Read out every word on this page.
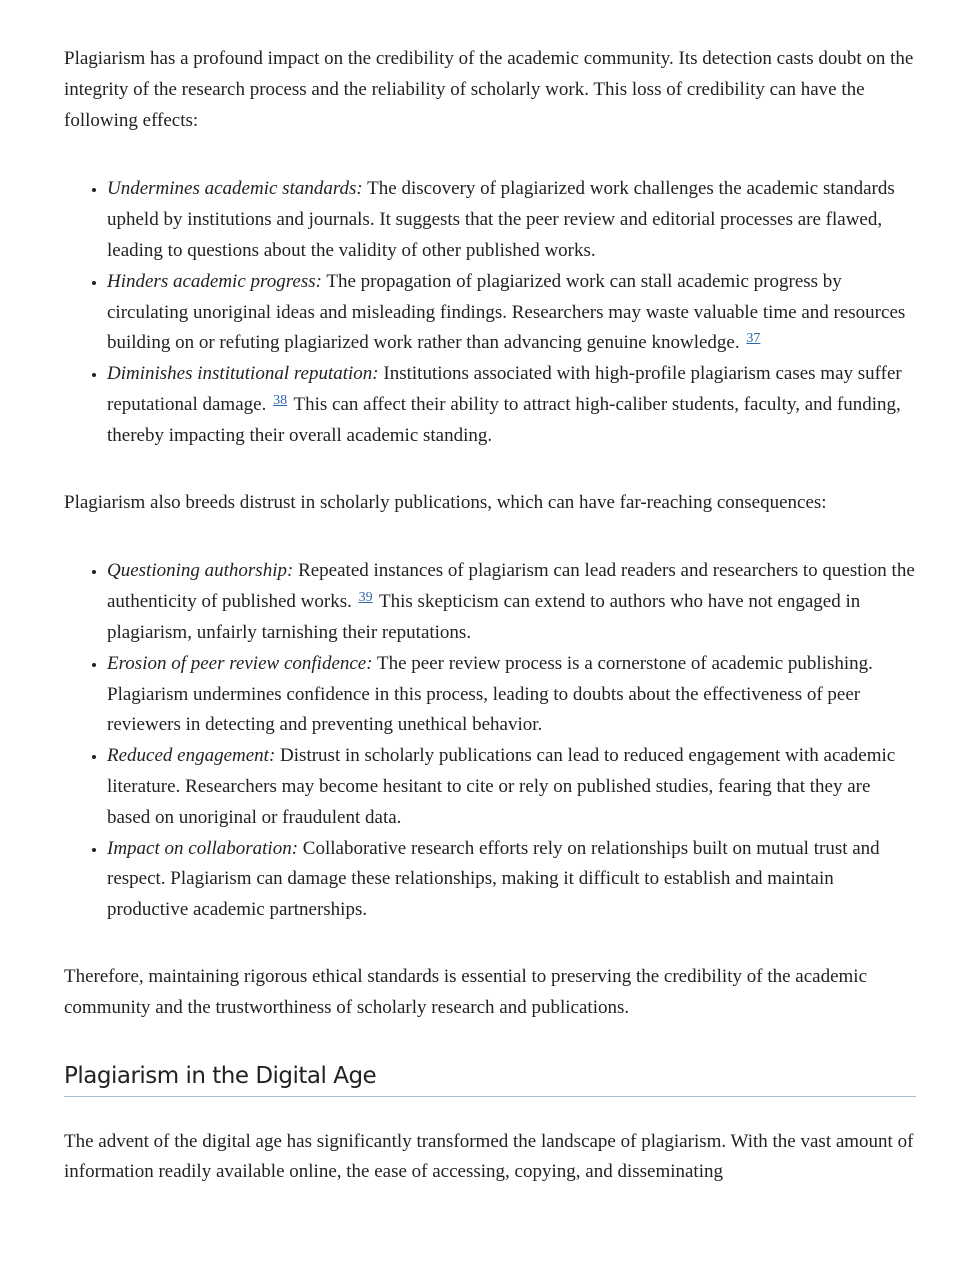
Plagiarism has a profound impact on the credibility of the academic community. Its detection casts doubt on the integrity of the research process and the reliability of scholarly work. This loss of credibility can have the following effects:

• Undermines academic standards: The discovery of plagiarized work challenges the academic standards upheld by institutions and journals. It suggests that the peer review and editorial processes are flawed, leading to questions about the validity of other published works.
• Hinders academic progress: The propagation of plagiarized work can stall academic progress by circulating unoriginal ideas and misleading findings. Researchers may waste valuable time and resources building on or refuting plagiarized work rather than advancing genuine knowledge. $^{37}$
• Diminishes institutional reputation: Institutions associated with high-profile plagiarism cases may suffer reputational damage. $^{38}$ This can affect their ability to attract high-caliber students, faculty, and funding, thereby impacting their overall academic standing.

Plagiarism also breeds distrust in scholarly publications, which can have far-reaching consequences:

• Questioning authorship: Repeated instances of plagiarism can lead readers and researchers to question the authenticity of published works. $^{39}$ This skepticism can extend to authors who have not engaged in plagiarism, unfairly tarnishing their reputations.
• Erosion of peer review confidence: The peer review process is a cornerstone of academic publishing. Plagiarism undermines confidence in this process, leading to doubts about the effectiveness of peer reviewers in detecting and preventing unethical behavior.
• Reduced engagement: Distrust in scholarly publications can lead to reduced engagement with academic literature. Researchers may become hesitant to cite or rely on published studies, fearing that they are based on unoriginal or fraudulent data.
• Impact on collaboration: Collaborative research efforts rely on relationships built on mutual trust and respect. Plagiarism can damage these relationships, making it difficult to establish and maintain productive academic partnerships.

Therefore, maintaining rigorous ethical standards is essential to preserving the credibility of the academic community and the trustworthiness of scholarly research and publications.

Plagiarism in the Digital Age

The advent of the digital age has significantly transformed the landscape of plagiarism. With the vast amount of information readily available online, the ease of accessing, copying, and disseminating
